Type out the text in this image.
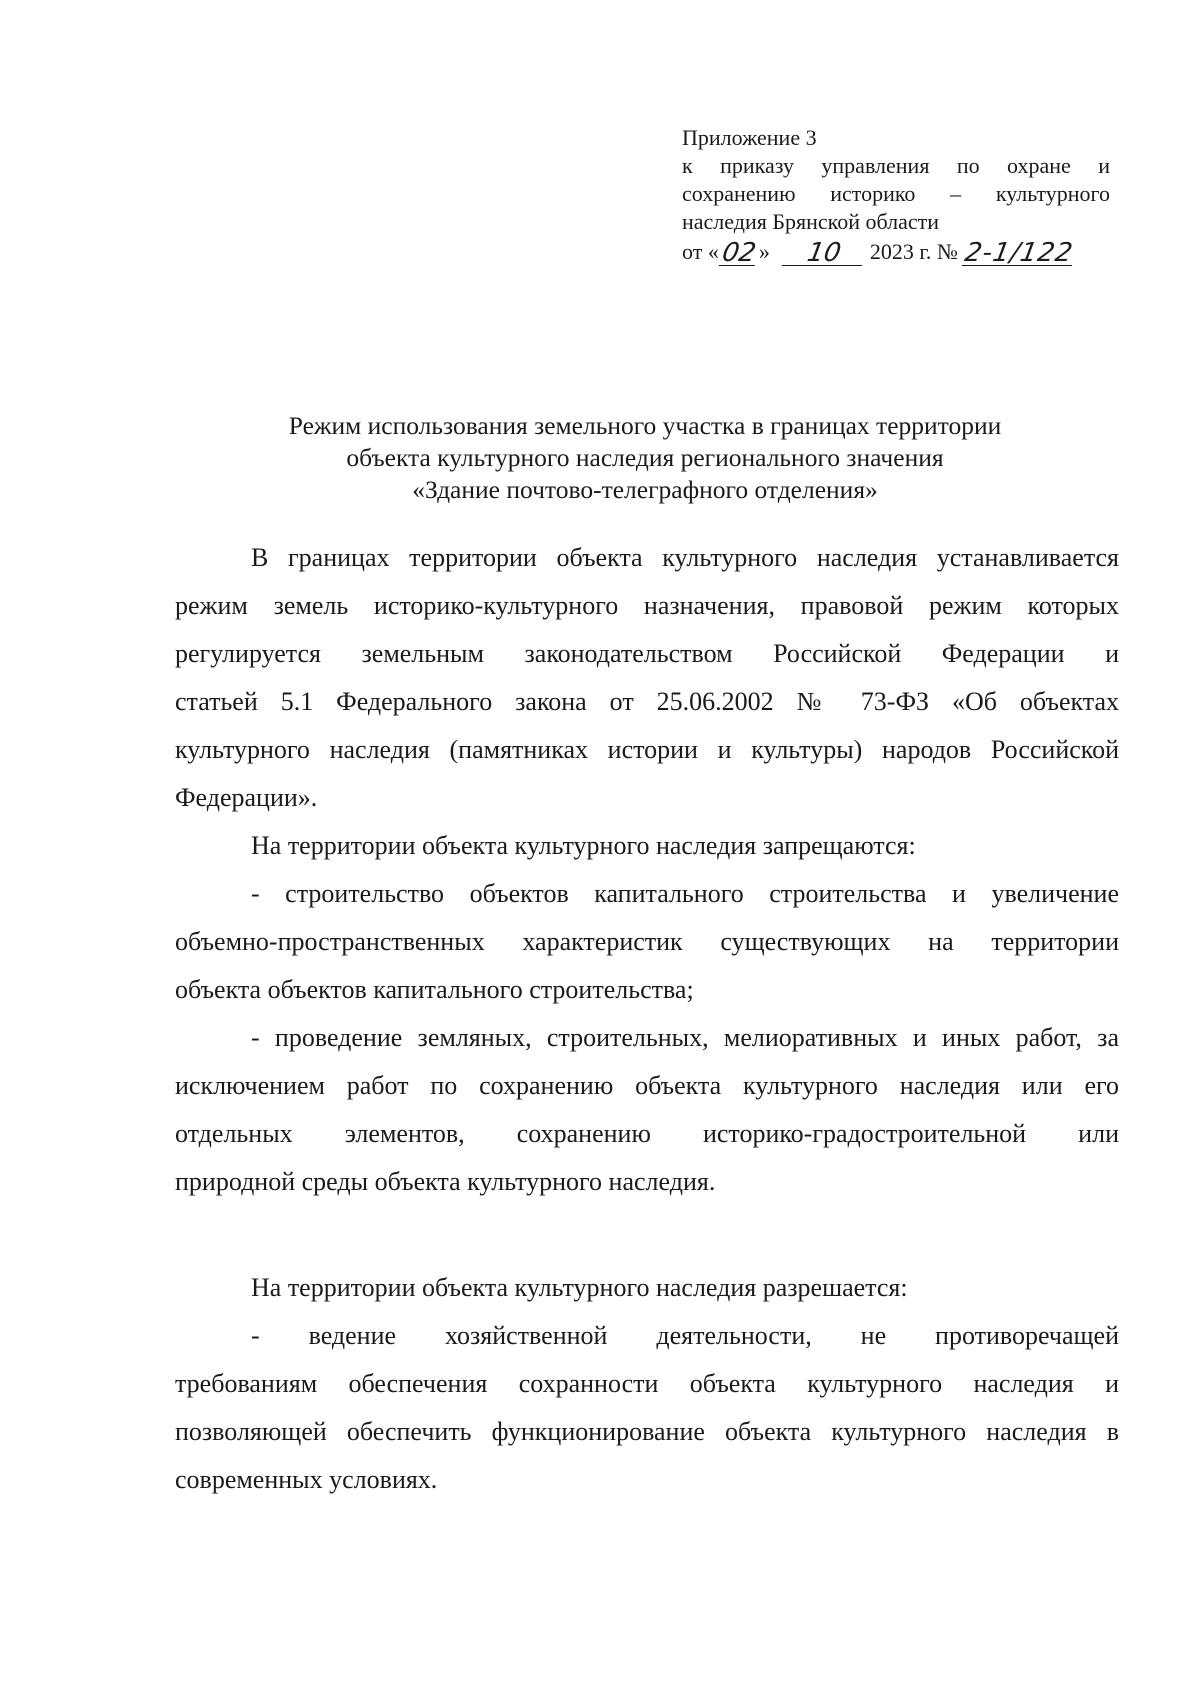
Приложение 3
к приказу управления по охране и
сохранению историко – культурного
наследия Брянской области
от « 02 »	10	2023 г. № 2-1/122
Режим использования земельного участка в границах территории
объекта культурного наследия регионального значения
«Здание почтово-телеграфного отделения»
В границах территории объекта культурного наследия устанавливается
режим земель историко-культурного назначения, правовой режим которых
регулируется земельным законодательством Российской Федерации и
статьей 5.1 Федерального закона от 25.06.2002 № 73-ФЗ «Об объектах
культурного наследия (памятниках истории и культуры) народов Российской
Федерации».
На территории объекта культурного наследия запрещаются:
- строительство объектов капитального строительства и увеличение
объемно-пространственных характеристик существующих на территории
объекта объектов капитального строительства;
- проведение земляных, строительных, мелиоративных и иных работ, за
исключением работ по сохранению объекта культурного наследия или его
отдельных элементов, сохранению историко-градостроительной или
природной среды объекта культурного наследия.
На территории объекта культурного наследия разрешается:
- ведение хозяйственной деятельности, не противоречащей
требованиям обеспечения сохранности объекта культурного наследия и
позволяющей обеспечить функционирование объекта культурного наследия в
современных условиях.
